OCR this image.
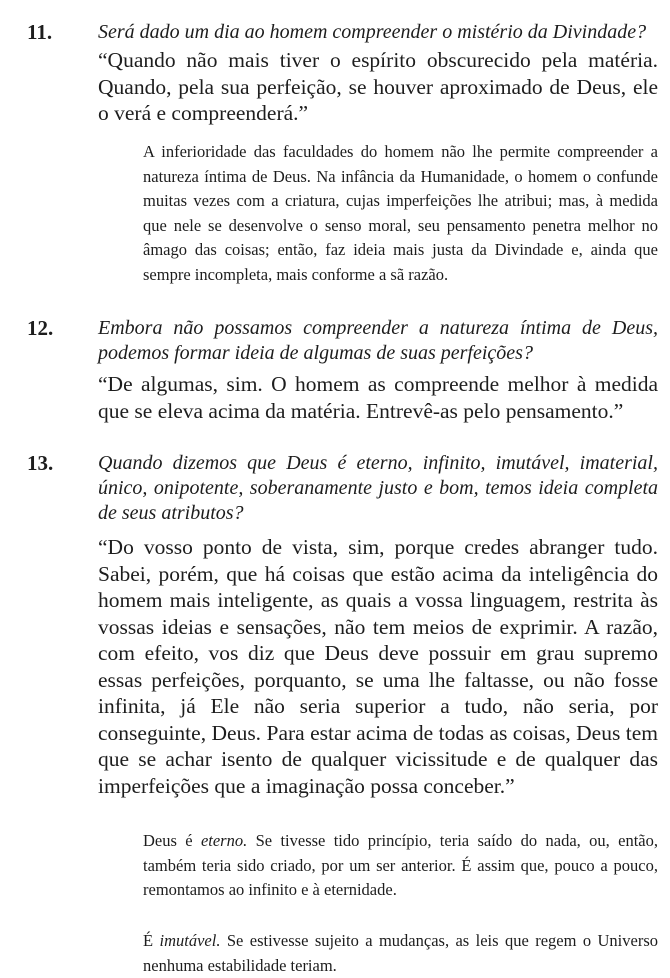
11. Será dado um dia ao homem compreender o mistério da Divindade?

“Quando não mais tiver o espírito obscurecido pela matéria. Quando, pela sua perfeição, se houver aproximado de Deus, ele o verá e compreenderá.”

A inferioridade das faculdades do homem não lhe permite compreender a natureza íntima de Deus. Na infância da Humanidade, o homem o confunde muitas vezes com a criatura, cujas imperfeições lhe atribui; mas, à medida que nele se desenvolve o senso moral, seu pensamento penetra melhor no âmago das coisas; então, faz ideia mais justa da Divindade e, ainda que sempre incompleta, mais conforme a sã razão.

12. Embora não possamos compreender a natureza íntima de Deus, podemos formar ideia de algumas de suas perfeições?

“De algumas, sim. O homem as compreende melhor à medida que se eleva acima da matéria. Entrevê-as pelo pensamento.”

13. Quando dizemos que Deus é eterno, infinito, imutável, imaterial, único, onipotente, soberanamente justo e bom, temos ideia completa de seus atributos?

“Do vosso ponto de vista, sim, porque credes abranger tudo. Sabei, porém, que há coisas que estão acima da inteligência do homem mais inteligente, as quais a vossa linguagem, restrita às vossas ideias e sensações, não tem meios de exprimir. A razão, com efeito, vos diz que Deus deve possuir em grau supremo essas perfeições, porquanto, se uma lhe faltasse, ou não fosse infinita, já Ele não seria superior a tudo, não seria, por conseguinte, Deus. Para estar acima de todas as coisas, Deus tem que se achar isento de qualquer vicissitude e de qualquer das imperfeições que a imaginação possa conceber.”

Deus é eterno. Se tivesse tido princípio, teria saído do nada, ou, então, também teria sido criado, por um ser anterior. É assim que, pouco a pouco, remontamos ao infinito e à eternidade.

É imutável. Se estivesse sujeito a mudanças, as leis que regem o Universo nenhuma estabilidade teriam.
